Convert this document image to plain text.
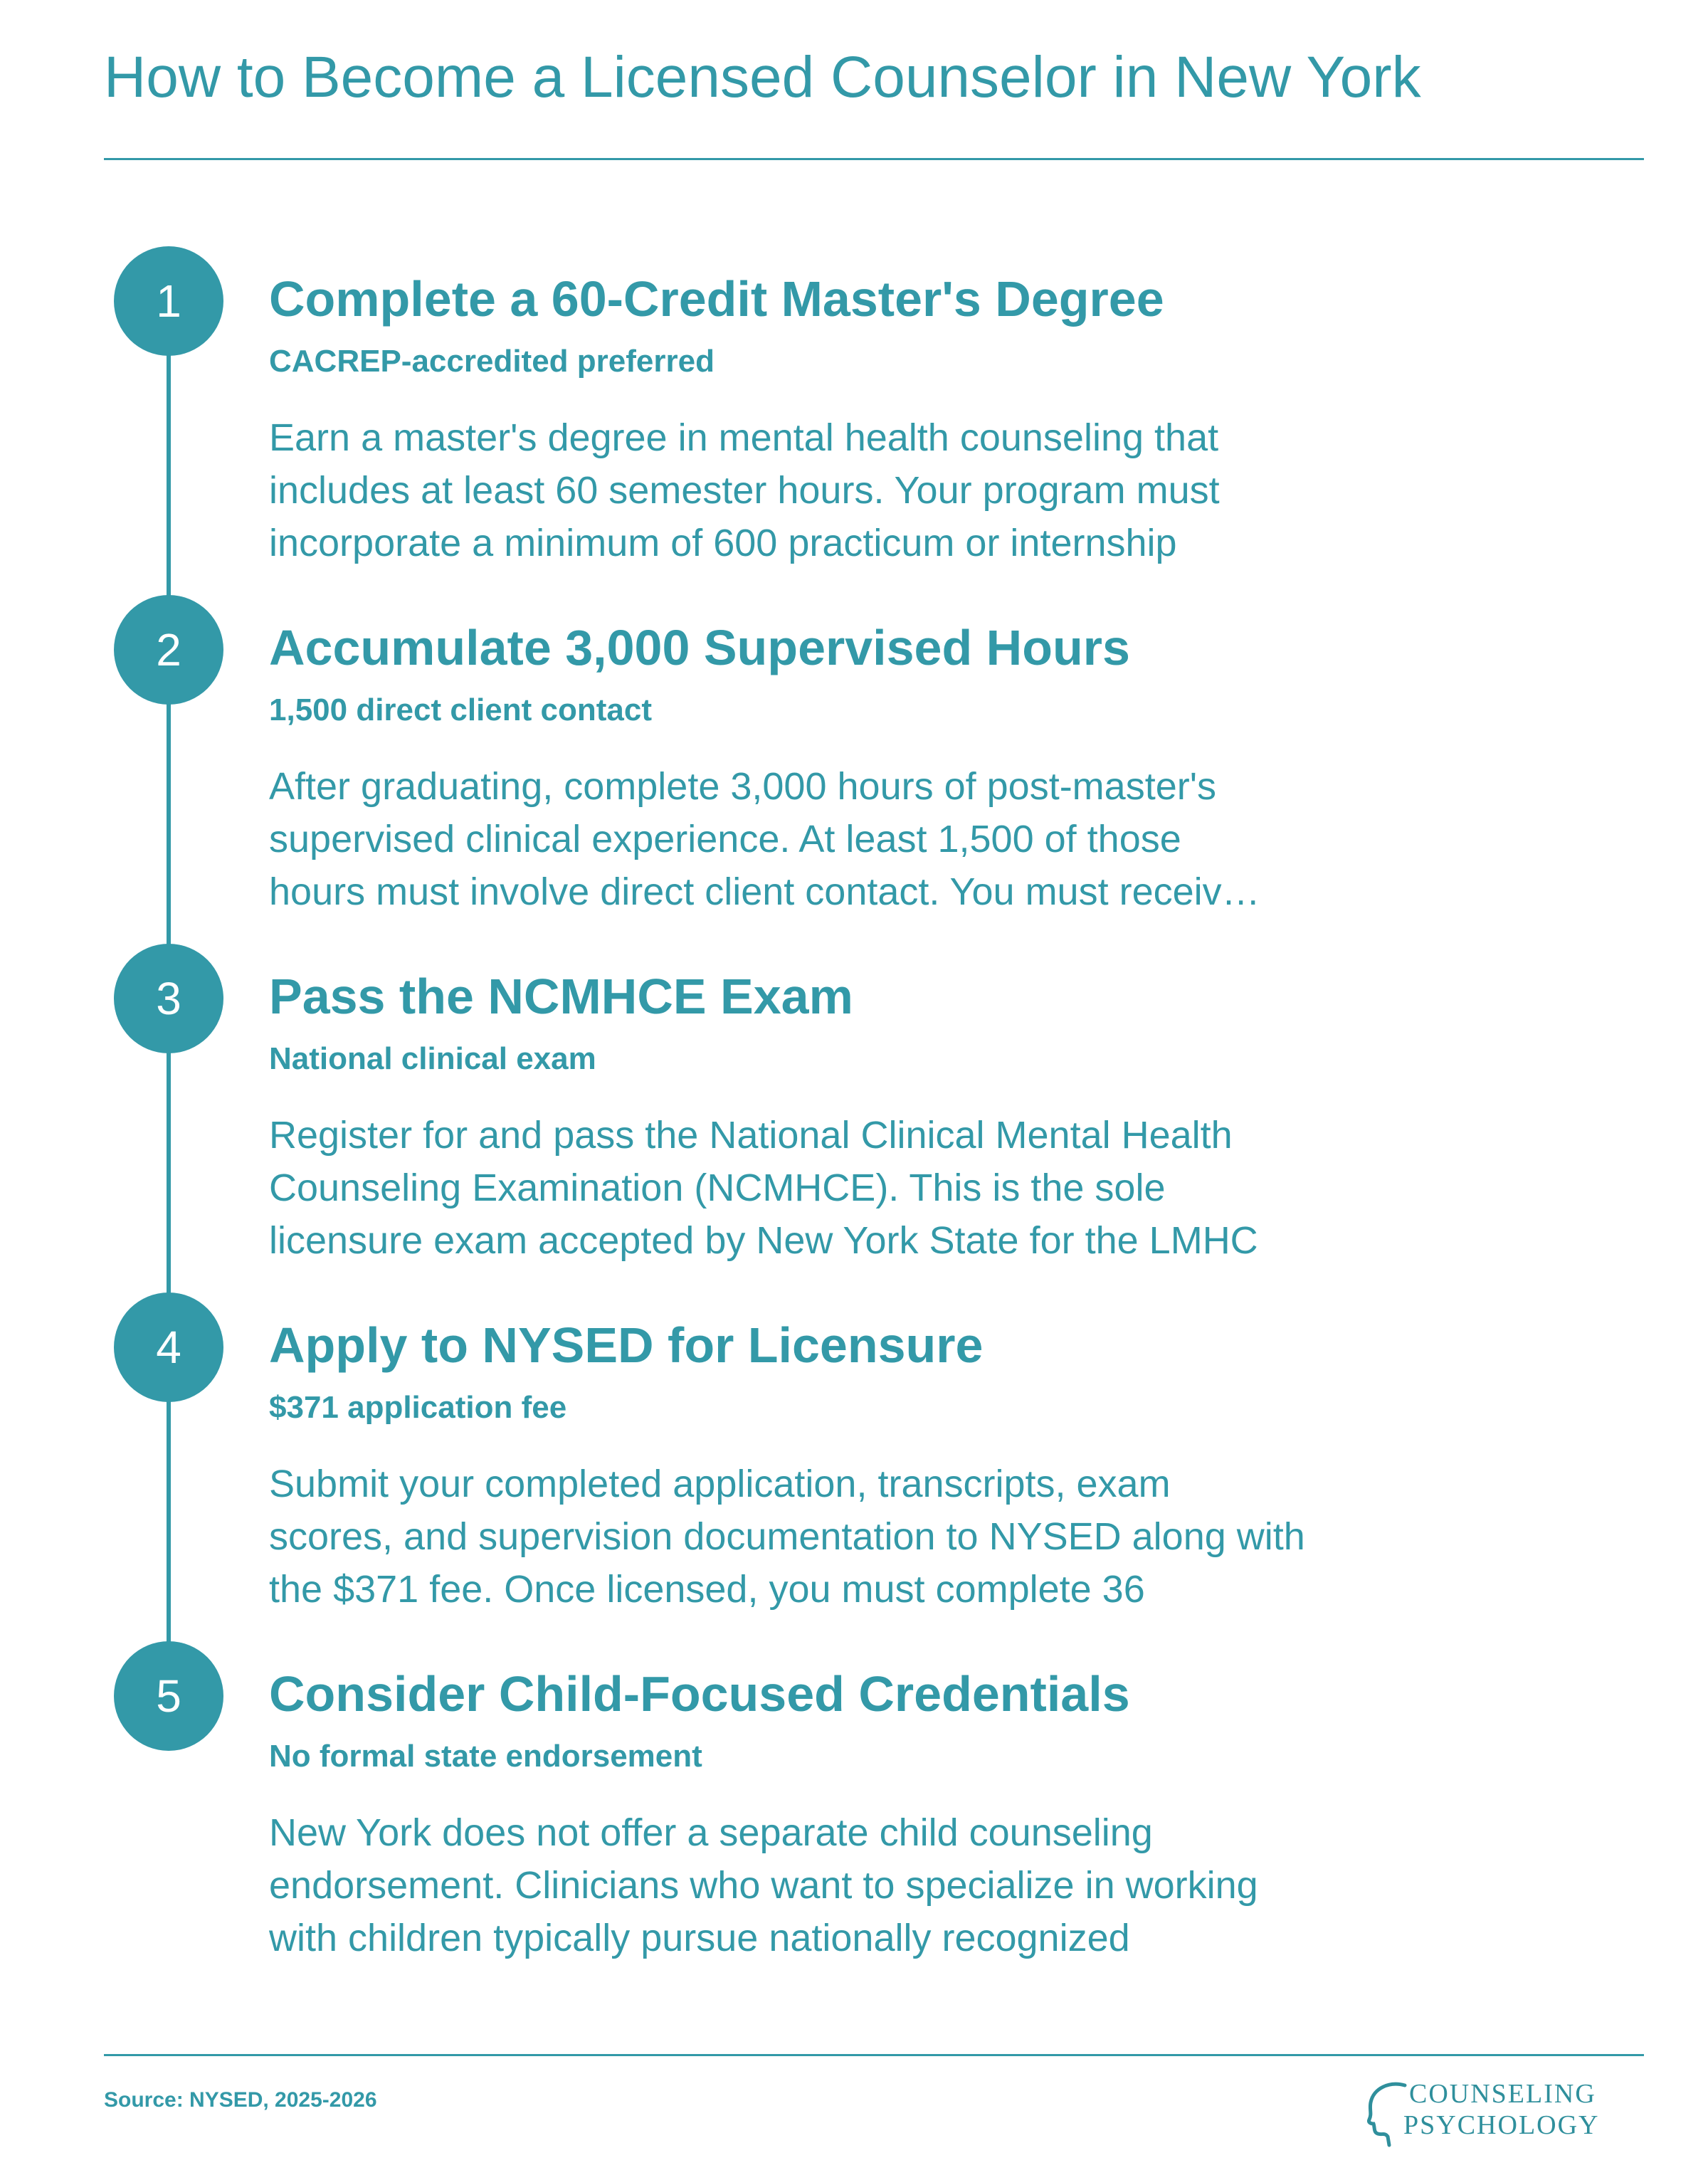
How to Become a Licensed Counselor in New York
1	Complete a 60-Credit Master's Degree
CACREP-accredited preferred
Earn a master's degree in mental health counseling that
includes at least 60 semester hours. Your program must
incorporate a minimum of 600 practicum or internship
2	Accumulate 3,000 Supervised Hours
1,500 direct client contact
After graduating, complete 3,000 hours of post-master's
supervised clinical experience. At least 1,500 of those
hours must involve direct client contact. You must receiv…
3	Pass the NCMHCE Exam
National clinical exam
Register for and pass the National Clinical Mental Health
Counseling Examination (NCMHCE). This is the sole
licensure exam accepted by New York State for the LMHC
4	Apply to NYSED for Licensure
$371 application fee
Submit your completed application, transcripts, exam
scores, and supervision documentation to NYSED along with
the $371 fee. Once licensed, you must complete 36
5	Consider Child-Focused Credentials
No formal state endorsement
New York does not offer a separate child counseling
endorsement. Clinicians who want to specialize in working
with children typically pursue nationally recognized
Source: NYSED, 2025-2026	COUNSELING
PSYCHOLOGY
